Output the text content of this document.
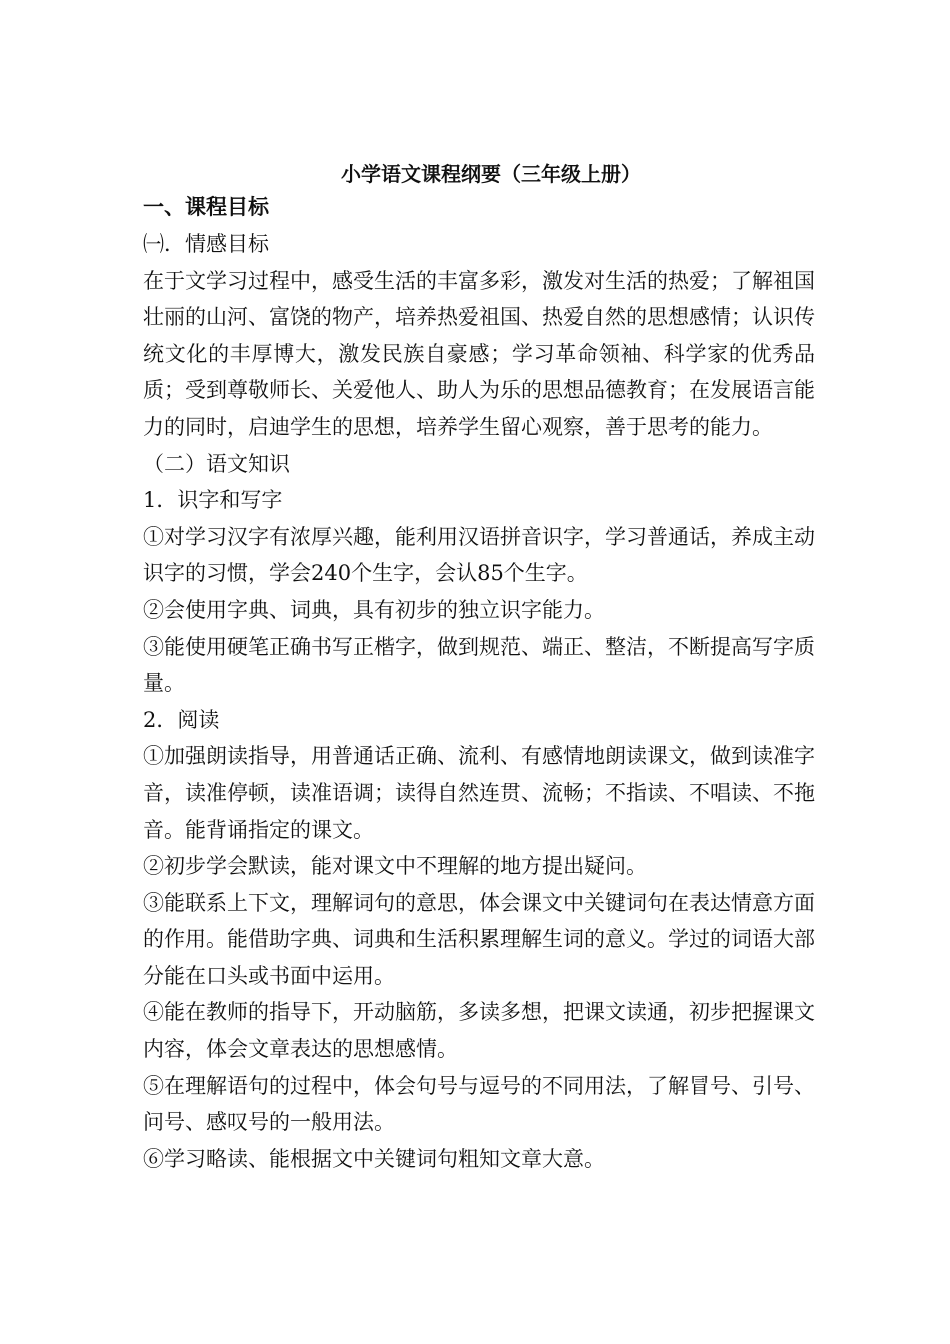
小学语文课程纲要（三年级上册）
一、课程目标
㈠．情感目标
在于文学习过程中，感受生活的丰富多彩，激发对生活的热爱；了解祖国壮丽的山河、富饶的物产，培养热爱祖国、热爱自然的思想感情；认识传统文化的丰厚博大，激发民族自豪感；学习革命领袖、科学家的优秀品质；受到尊敬师长、关爱他人、助人为乐的思想品德教育；在发展语言能力的同时，启迪学生的思想，培养学生留心观察，善于思考的能力。
（二）语文知识
1．识字和写字
①对学习汉字有浓厚兴趣，能利用汉语拼音识字，学习普通话，养成主动识字的习惯，学会240个生字，会认85个生字。
②会使用字典、词典，具有初步的独立识字能力。
③能使用硬笔正确书写正楷字，做到规范、端正、整洁，不断提高写字质量。
2．阅读
①加强朗读指导，用普通话正确、流利、有感情地朗读课文，做到读准字音，读准停顿，读准语调；读得自然连贯、流畅；不指读、不唱读、不拖音。能背诵指定的课文。
②初步学会默读，能对课文中不理解的地方提出疑问。
③能联系上下文，理解词句的意思，体会课文中关键词句在表达情意方面的作用。能借助字典、词典和生活积累理解生词的意义。学过的词语大部分能在口头或书面中运用。
④能在教师的指导下，开动脑筋，多读多想，把课文读通，初步把握课文内容，体会文章表达的思想感情。
⑤在理解语句的过程中，体会句号与逗号的不同用法，了解冒号、引号、问号、感叹号的一般用法。
⑥学习略读、能根据文中关键词句粗知文章大意。
